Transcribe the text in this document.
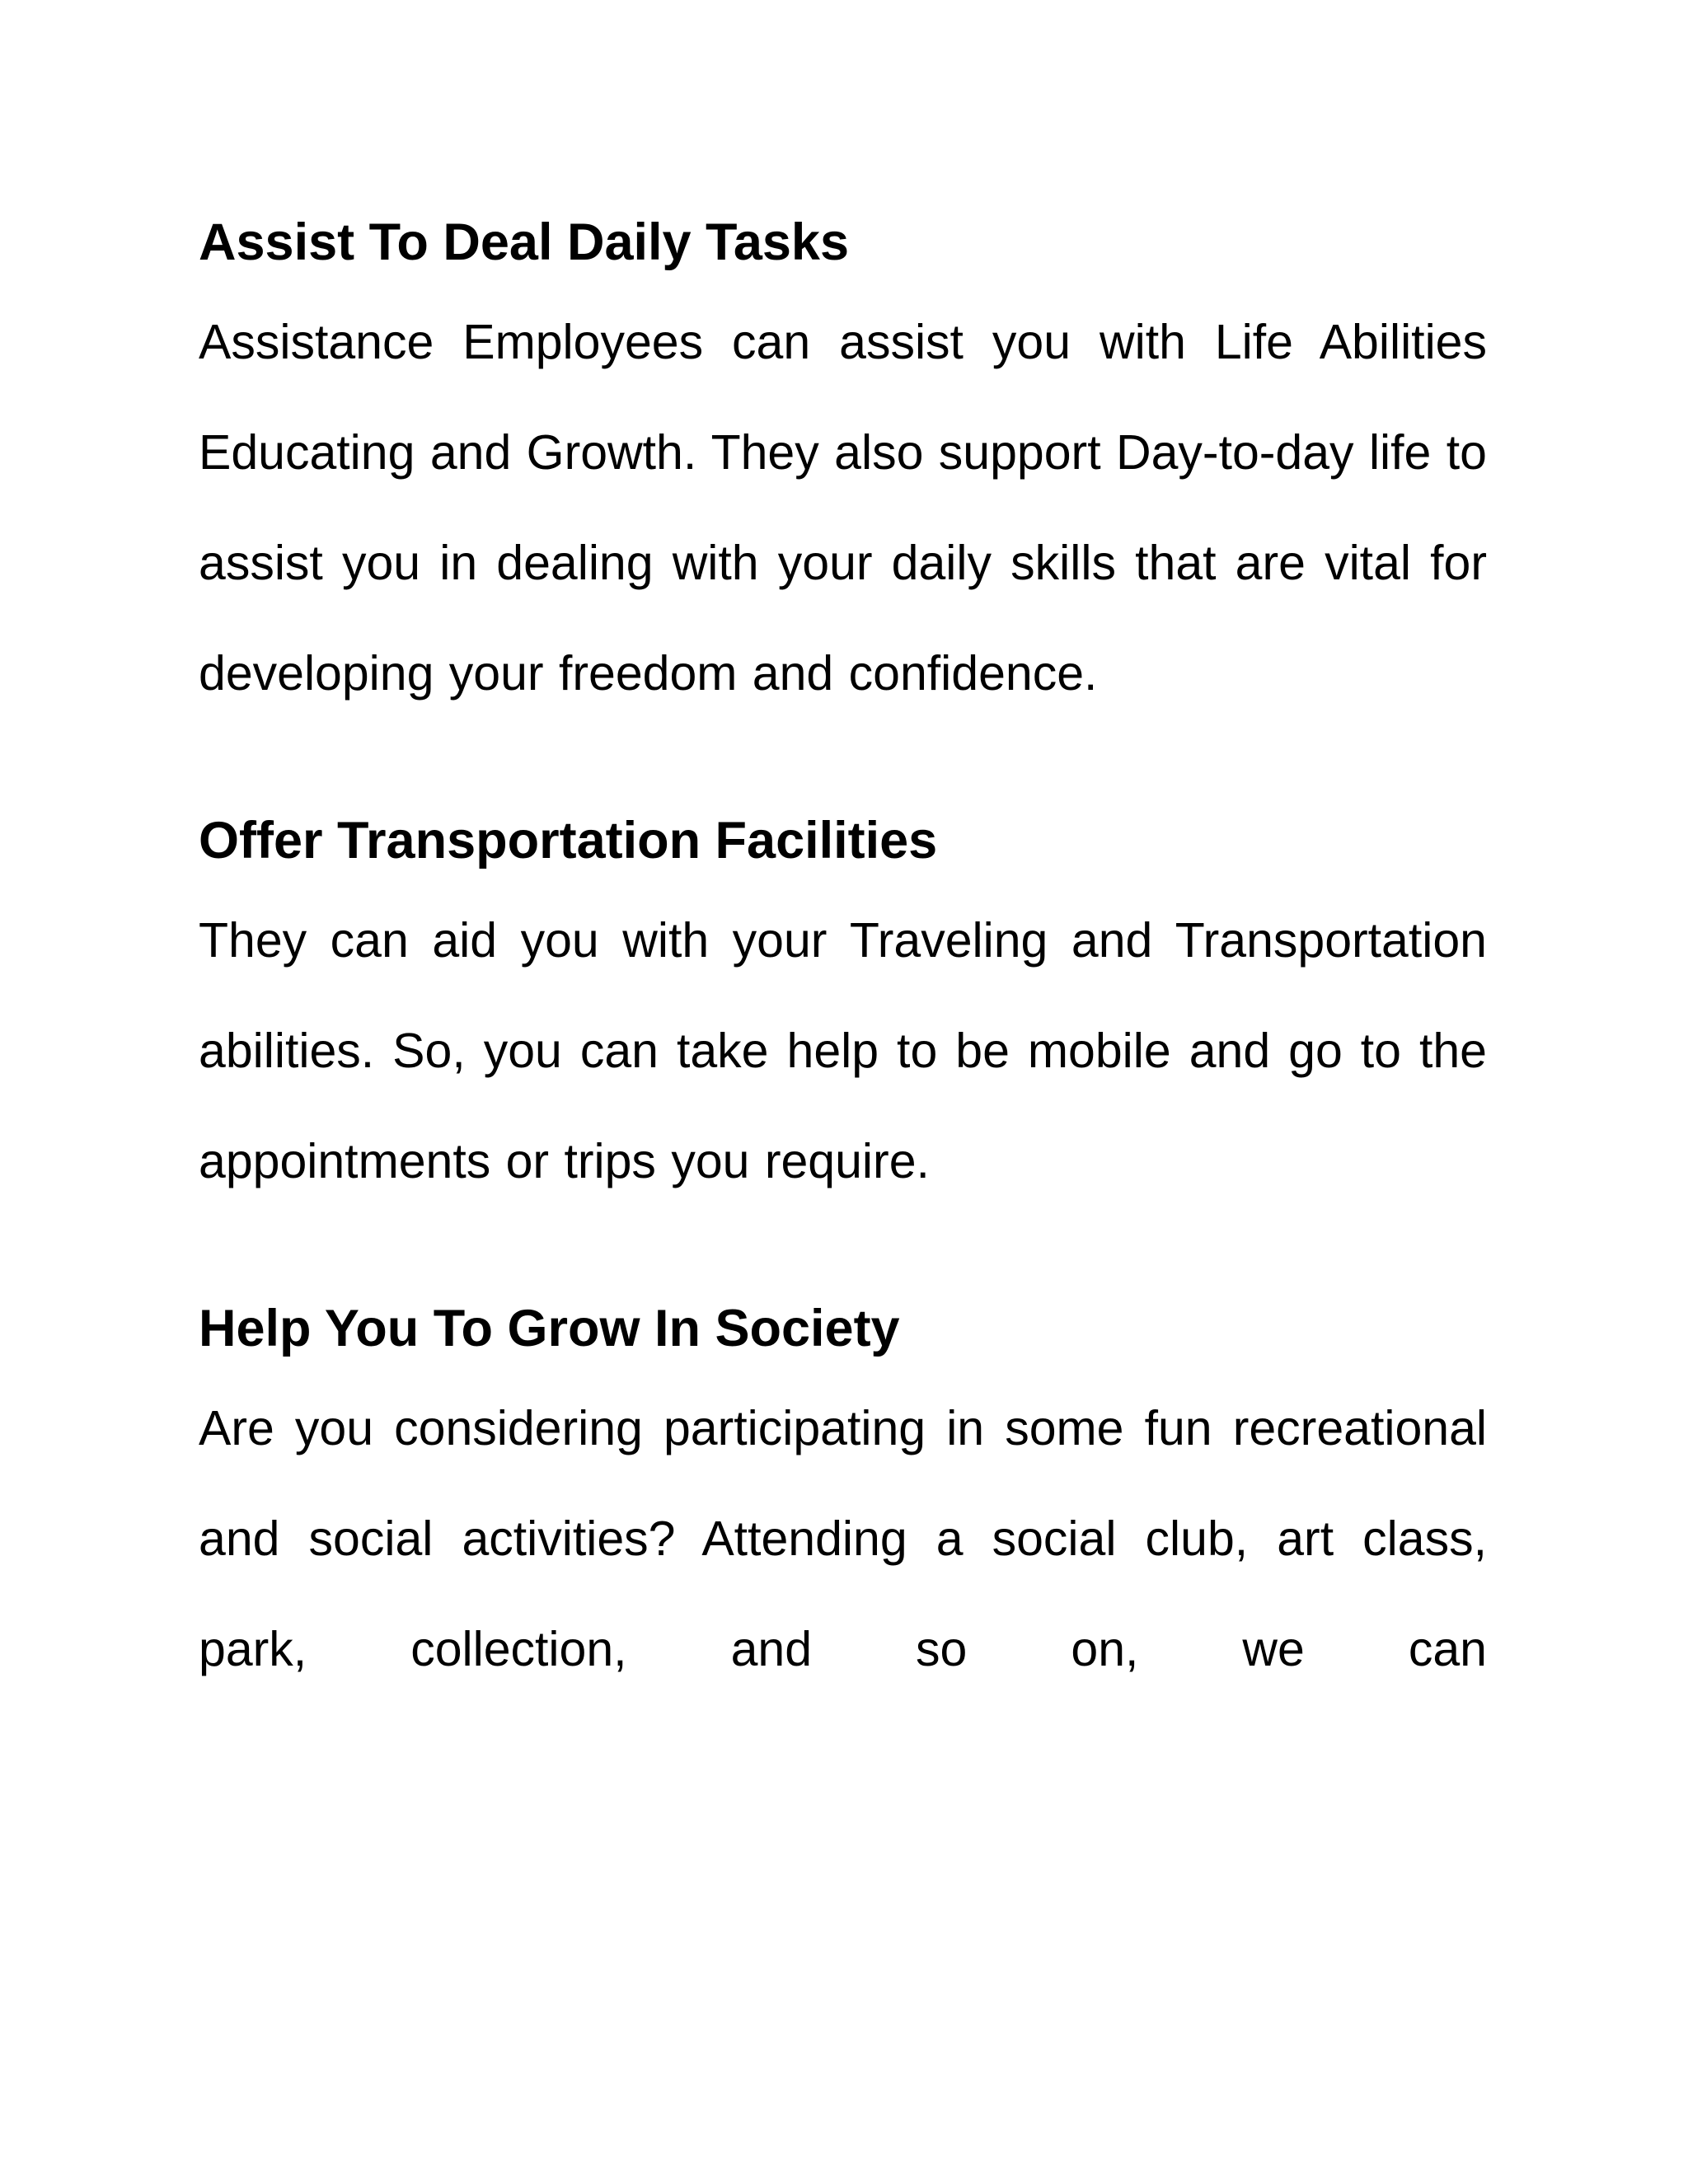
Assist To Deal Daily Tasks

Assistance Employees can assist you with Life Abilities Educating and Growth. They also support Day-to-day life to assist you in dealing with your daily skills that are vital for developing your freedom and confidence.

Offer Transportation Facilities

They can aid you with your Traveling and Transportation abilities. So, you can take help to be mobile and go to the appointments or trips you require.

Help You To Grow In Society

Are you considering participating in some fun recreational and social activities? Attending a social club, art class, park, collection, and so on, we can
